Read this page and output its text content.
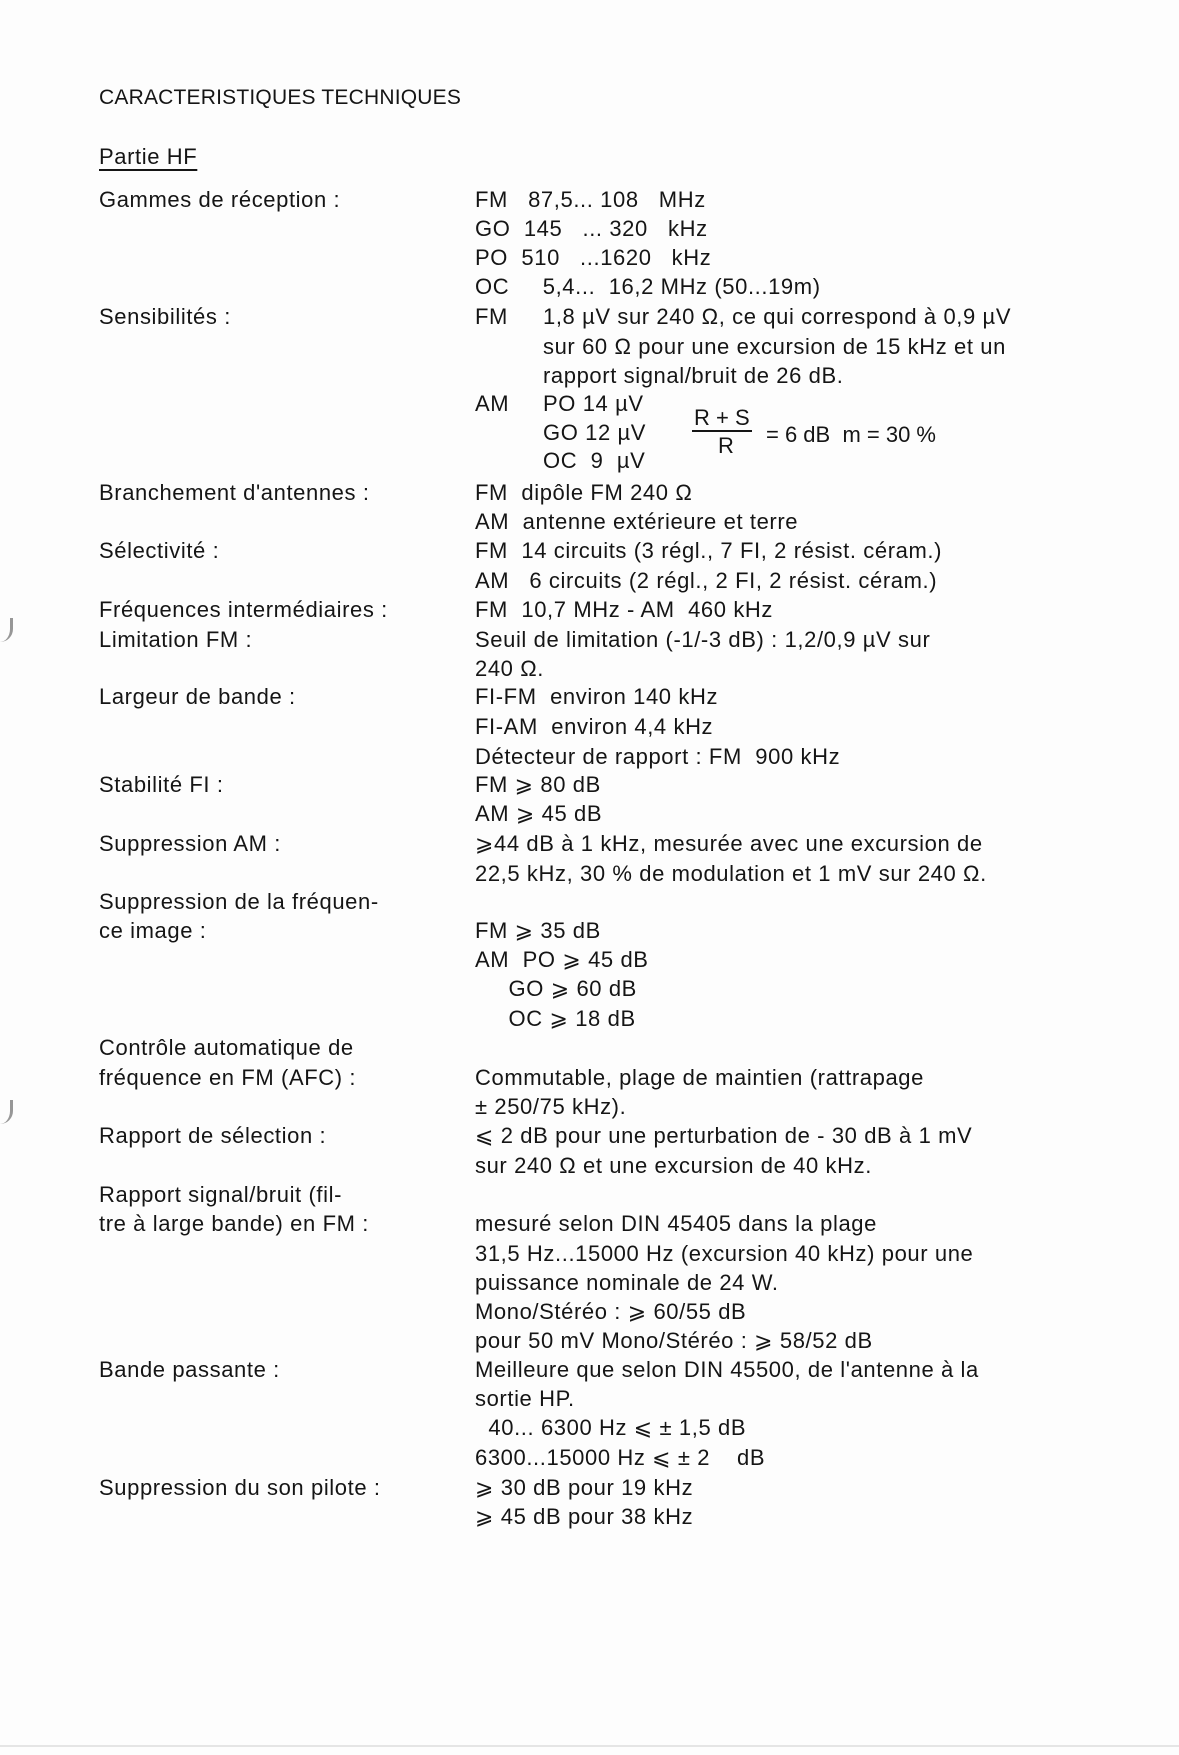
CARACTERISTIQUES TECHNIQUES
Partie HF

R + S

R

= 6 dB  m = 30 %

Gammes de réception :	FM   87,5... 108   MHz
GO  145   ... 320   kHz
PO  510   ...1620   kHz
OC     5,4...  16,2 MHz (50...19m)
Sensibilités :	FM 1,8 µV sur 240 Ω, ce qui correspond à 0,9 µV
sur 60 Ω pour une excursion de 15 kHz et un
rapport signal/bruit de 26 dB.
AM PO 14 µV
GO 12 µV
OC  9  µV
Branchement d'antennes :	FM  dipôle FM 240 Ω
AM  antenne extérieure et terre
Sélectivité :	FM  14 circuits (3 régl., 7 FI, 2 résist. céram.)
AM   6 circuits (2 régl., 2 FI, 2 résist. céram.)
Fréquences intermédiaires :	FM  10,7 MHz - AM  460 kHz
Limitation FM :	Seuil de limitation (-1/-3 dB) : 1,2/0,9 µV sur
240 Ω.
Largeur de bande :	FI-FM  environ 140 kHz
FI-AM  environ 4,4 kHz
Détecteur de rapport : FM  900 kHz
Stabilité FI :	FM ⩾ 80 dB
AM ⩾ 45 dB
Suppression AM :	⩾44 dB à 1 kHz, mesurée avec une excursion de
22,5 kHz, 30 % de modulation et 1 mV sur 240 Ω.
Suppression de la fréquen-
ce image :	FM ⩾ 35 dB
AM  PO ⩾ 45 dB
GO ⩾ 60 dB
OC ⩾ 18 dB
Contrôle automatique de
fréquence en FM (AFC) :	Commutable, plage de maintien (rattrapage
± 250/75 kHz).
Rapport de sélection :	⩽ 2 dB pour une perturbation de - 30 dB à 1 mV
sur 240 Ω et une excursion de 40 kHz.
Rapport signal/bruit (fil-
tre à large bande) en FM :	mesuré selon DIN 45405 dans la plage
31,5 Hz...15000 Hz (excursion 40 kHz) pour une
puissance nominale de 24 W.
Mono/Stéréo : ⩾ 60/55 dB
pour 50 mV Mono/Stéréo : ⩾ 58/52 dB
Bande passante :	Meilleure que selon DIN 45500, de l'antenne à la
sortie HP.
40... 6300 Hz ⩽ ± 1,5 dB
6300...15000 Hz ⩽ ± 2    dB
Suppression du son pilote :	⩾ 30 dB pour 19 kHz
⩾ 45 dB pour 38 kHz
